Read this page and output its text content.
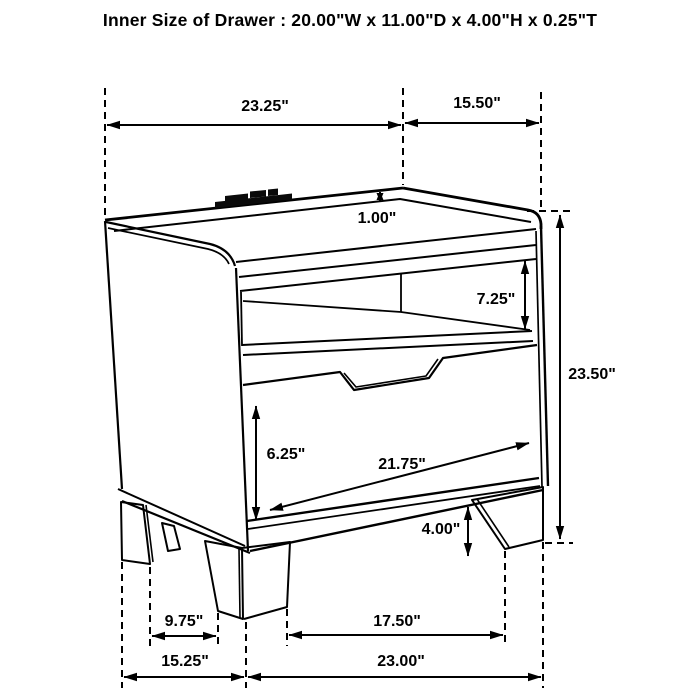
Inner Size of Drawer : 20.00"W x 11.00"D x 4.00"H x 0.25"T
23.25"	15.50"
1.00"
7.25"
23.50"
6.25"
21.75"
4.00"
9.75"	17.50"
15.25"	23.00"
